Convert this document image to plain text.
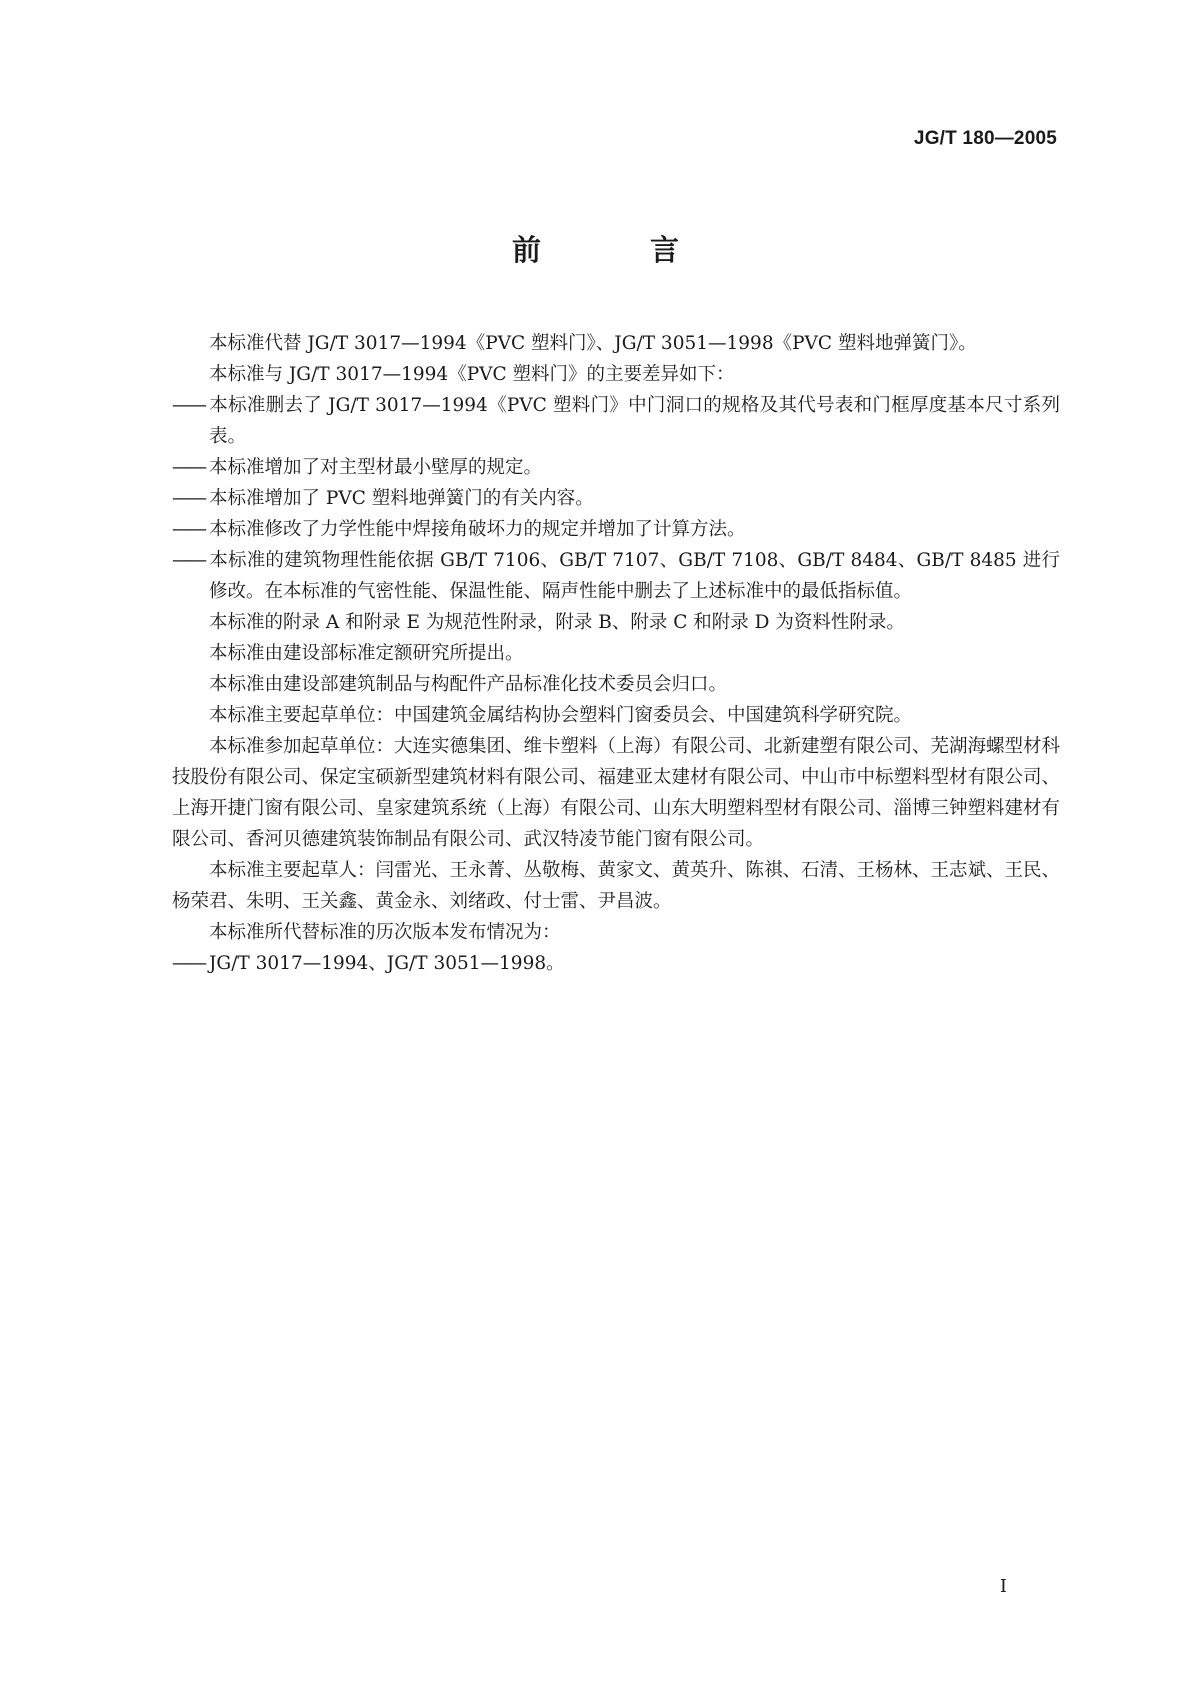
JG/T 180—2005
前　言

本标准代替 JG/T 3017—1994《PVC 塑料门》、JG/T 3051—1998《PVC 塑料地弹簧门》。

本标准与 JG/T 3017—1994《PVC 塑料门》的主要差异如下：

—— 本标准删去了 JG/T 3017—1994《PVC 塑料门》中门洞口的规格及其代号表和门框厚度基本尺寸系列表。

—— 本标准增加了对主型材最小壁厚的规定。

—— 本标准增加了 PVC 塑料地弹簧门的有关内容。

—— 本标准修改了力学性能中焊接角破坏力的规定并增加了计算方法。

—— 本标准的建筑物理性能依据 GB/T 7106、GB/T 7107、GB/T 7108、GB/T 8484、GB/T 8485 进行修改。在本标准的气密性能、保温性能、隔声性能中删去了上述标准中的最低指标值。

本标准的附录 A 和附录 E 为规范性附录，附录 B、附录 C 和附录 D 为资料性附录。

本标准由建设部标准定额研究所提出。

本标准由建设部建筑制品与构配件产品标准化技术委员会归口。

本标准主要起草单位：中国建筑金属结构协会塑料门窗委员会、中国建筑科学研究院。

本标准参加起草单位：大连实德集团、维卡塑料（上海）有限公司、北新建塑有限公司、芜湖海螺型材科技股份有限公司、保定宝硕新型建筑材料有限公司、福建亚太建材有限公司、中山市中标塑料型材有限公司、上海开捷门窗有限公司、皇家建筑系统（上海）有限公司、山东大明塑料型材有限公司、淄博三钟塑料建材有限公司、香河贝德建筑装饰制品有限公司、武汉特凌节能门窗有限公司。

本标准主要起草人：闫雷光、王永菁、丛敬梅、黄家文、黄英升、陈祺、石清、王杨林、王志斌、王民、杨荣君、朱明、王关鑫、黄金永、刘绪政、付士雷、尹昌波。

本标准所代替标准的历次版本发布情况为：

—— JG/T 3017—1994、JG/T 3051—1998。

I
